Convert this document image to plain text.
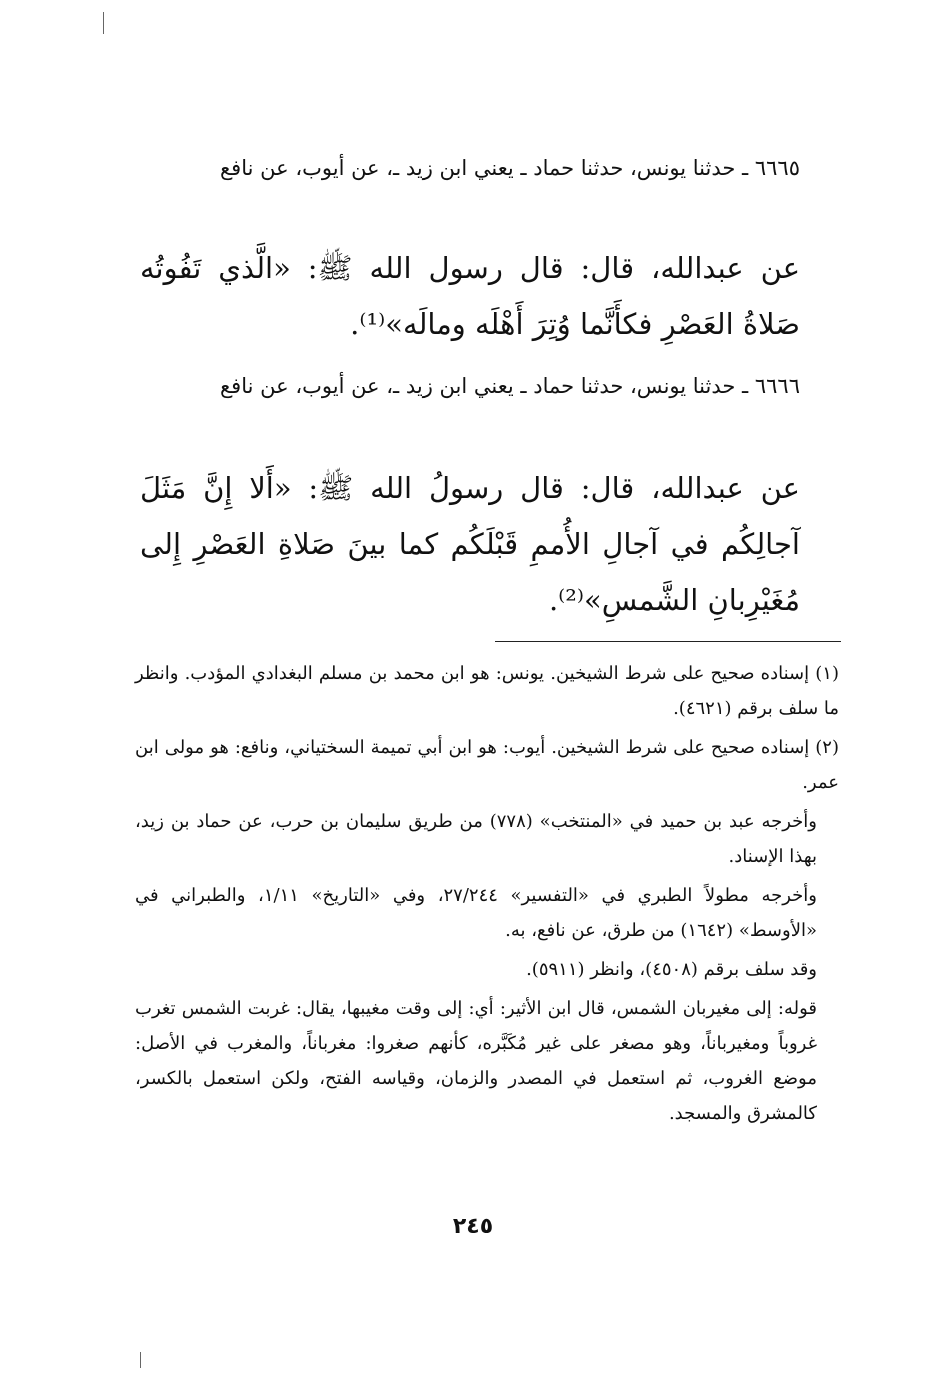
٦٦٦٥ ـ حدثنا يونس، حدثنا حماد ـ يعني ابن زيد ـ، عن أيوب، عن نافع
عن عبدالله، قال: قال رسول الله ﷺ: «الَّذي تَفُوتُه صَلاةُ العَصْرِ فكأَنَّما وُتِرَ أَهْلَه ومالَه»⁽¹⁾.
٦٦٦٦ ـ حدثنا يونس، حدثنا حماد ـ يعني ابن زيد ـ، عن أيوب، عن نافع
عن عبدالله، قال: قال رسولُ الله ﷺ: «أَلا إِنَّ مَثَلَ آجالِكُم في آجالِ الأُممِ قَبْلَكُم كما بينَ صَلاةِ العَصْرِ إِلى مُغَيْرِبانِ الشَّمسِ»⁽²⁾.

(١) إسناده صحيح على شرط الشيخين. يونس: هو ابن محمد بن مسلم البغدادي المؤدب. وانظر ما سلف برقم (٤٦٢١).

(٢) إسناده صحيح على شرط الشيخين. أيوب: هو ابن أبي تميمة السختياني، ونافع: هو مولى ابن عمر.

وأخرجه عبد بن حميد في «المنتخب» (٧٧٨) من طريق سليمان بن حرب، عن حماد بن زيد، بهذا الإسناد.

وأخرجه مطولاً الطبري في «التفسير» ٢٧/٢٤٤، وفي «التاريخ» ١/١١، والطبراني في «الأوسط» (١٦٤٢) من طرق، عن نافع، به.

وقد سلف برقم (٤٥٠٨)، وانظر (٥٩١١).

قوله: إلى مغيربان الشمس، قال ابن الأثير: أي: إلى وقت مغيبها، يقال: غربت الشمس تغرب غروباً ومغيرباناً، وهو مصغر على غير مُكَبَّره، كأنهم صغروا: مغرباناً، والمغرب في الأصل: موضع الغروب، ثم استعمل في المصدر والزمان، وقياسه الفتح، ولكن استعمل بالكسر، كالمشرق والمسجد.

٢٤٥
